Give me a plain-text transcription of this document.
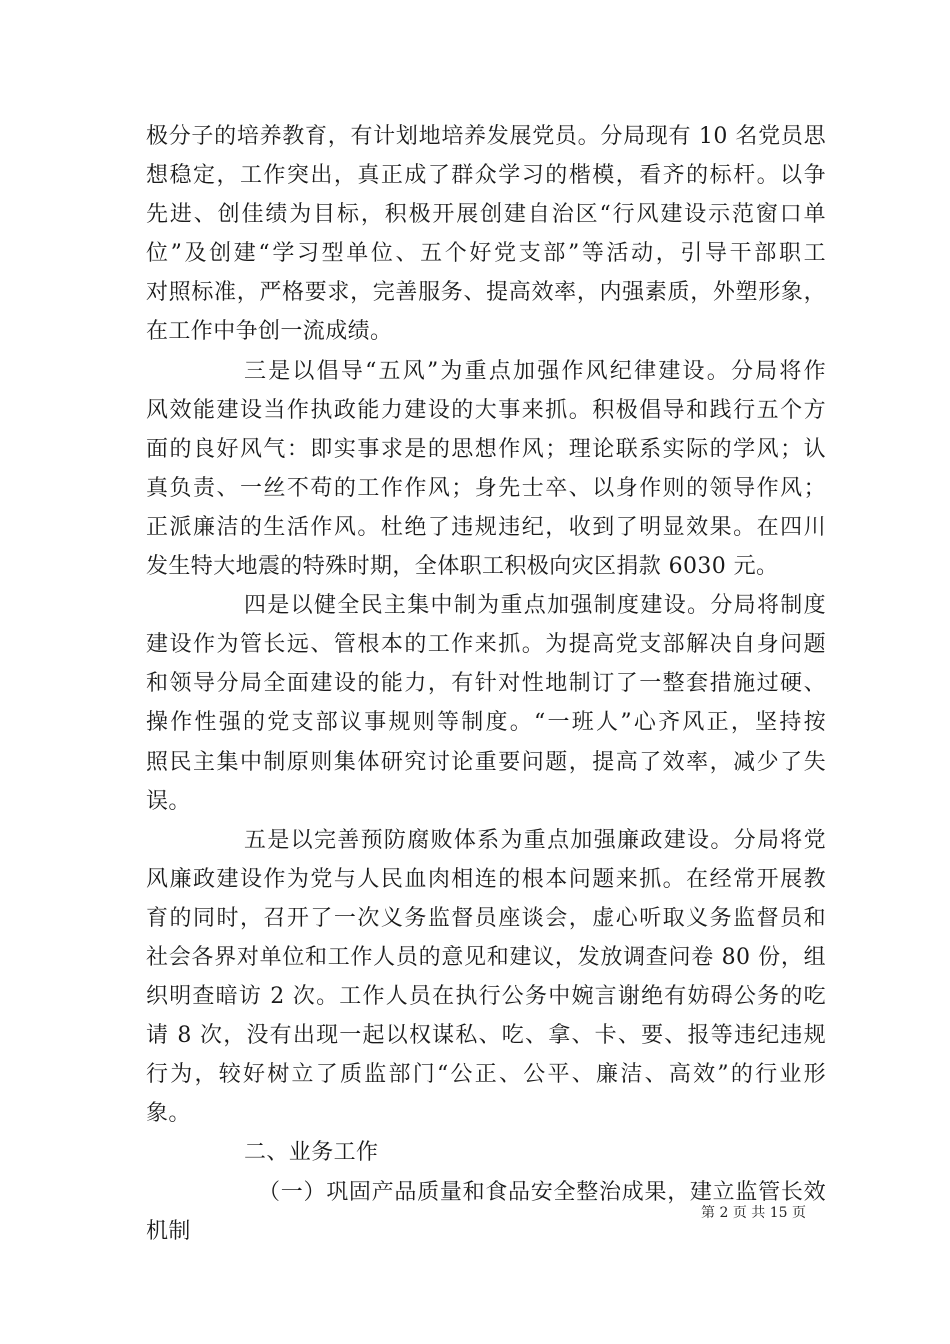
极分子的培养教育，有计划地培养发展党员。分局现有 10 名党员思
想稳定，工作突出，真正成了群众学习的楷模，看齐的标杆。以争
先进、创佳绩为目标，积极开展创建自治区“行风建设示范窗口单
位”及创建“学习型单位、五个好党支部”等活动，引导干部职工
对照标准，严格要求，完善服务、提高效率，内强素质，外塑形象，
在工作中争创一流成绩。
三是以倡导“五风”为重点加强作风纪律建设。分局将作
风效能建设当作执政能力建设的大事来抓。积极倡导和践行五个方
面的良好风气：即实事求是的思想作风；理论联系实际的学风；认
真负责、一丝不苟的工作作风；身先士卒、以身作则的领导作风；
正派廉洁的生活作风。杜绝了违规违纪，收到了明显效果。在四川
发生特大地震的特殊时期，全体职工积极向灾区捐款 6030 元。
四是以健全民主集中制为重点加强制度建设。分局将制度
建设作为管长远、管根本的工作来抓。为提高党支部解决自身问题
和领导分局全面建设的能力，有针对性地制订了一整套措施过硬、
操作性强的党支部议事规则等制度。“一班人”心齐风正，坚持按
照民主集中制原则集体研究讨论重要问题，提高了效率，减少了失
误。
五是以完善预防腐败体系为重点加强廉政建设。分局将党
风廉政建设作为党与人民血肉相连的根本问题来抓。在经常开展教
育的同时，召开了一次义务监督员座谈会，虚心听取义务监督员和
社会各界对单位和工作人员的意见和建议，发放调查问卷 80 份，组
织明查暗访 2 次。工作人员在执行公务中婉言谢绝有妨碍公务的吃
请 8 次，没有出现一起以权谋私、吃、拿、卡、要、报等违纪违规
行为，较好树立了质监部门“公正、公平、廉洁、高效”的行业形
象。
二、业务工作
（一）巩固产品质量和食品安全整治成果，建立监管长效
机制
第 2 页 共 15 页
